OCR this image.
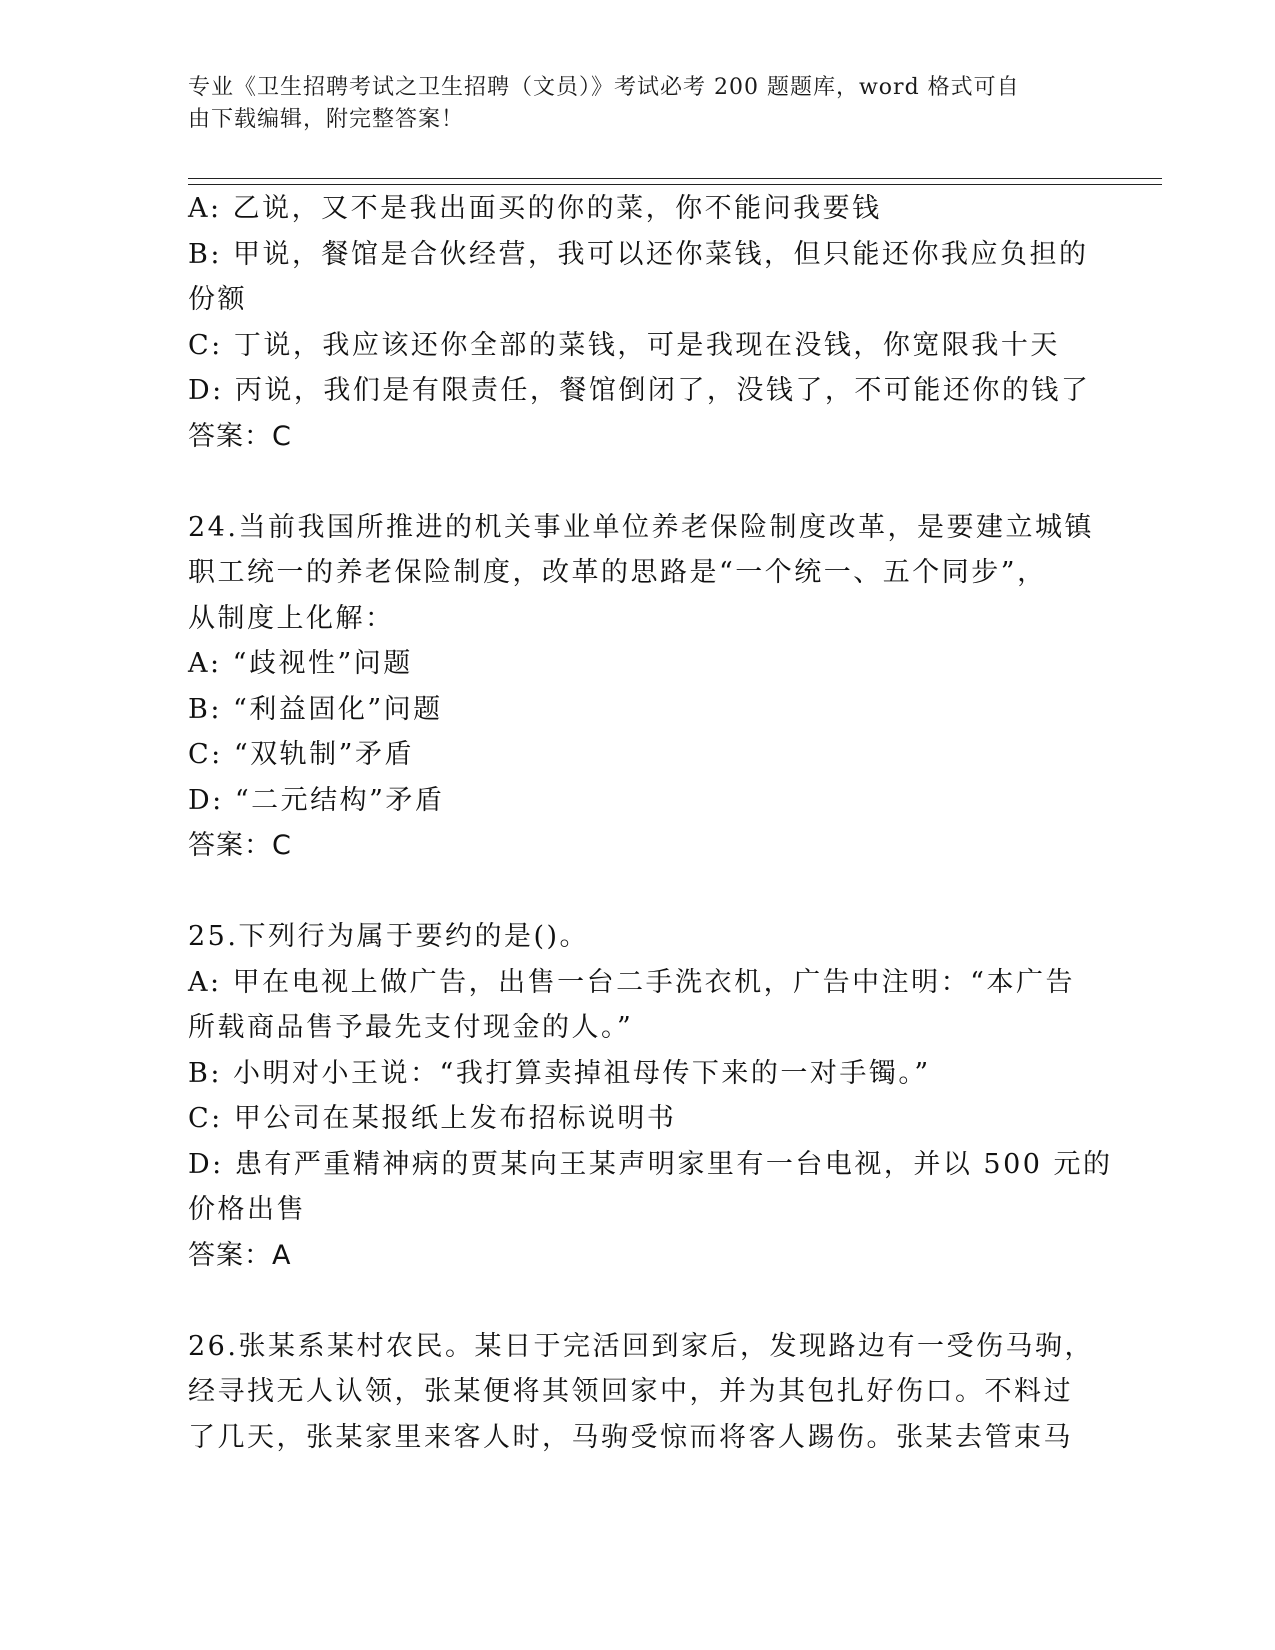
专业《卫生招聘考试之卫生招聘（文员）》考试必考 200 题题库，word 格式可自
由下载编辑，附完整答案！
A: 乙说，又不是我出面买的你的菜，你不能问我要钱
B: 甲说，餐馆是合伙经营，我可以还你菜钱，但只能还你我应负担的
份额
C: 丁说，我应该还你全部的菜钱，可是我现在没钱，你宽限我十天
D: 丙说，我们是有限责任，餐馆倒闭了，没钱了，不可能还你的钱了
答案：C
24.当前我国所推进的机关事业单位养老保险制度改革，是要建立城镇
职工统一的养老保险制度，改革的思路是“一个统一、五个同步”，
从制度上化解：
A: “歧视性”问题
B: “利益固化”问题
C: “双轨制”矛盾
D: “二元结构”矛盾
答案：C
25.下列行为属于要约的是()。
A: 甲在电视上做广告，出售一台二手洗衣机，广告中注明：“本广告
所载商品售予最先支付现金的人。”
B: 小明对小王说：“我打算卖掉祖母传下来的一对手镯。”
C: 甲公司在某报纸上发布招标说明书
D: 患有严重精神病的贾某向王某声明家里有一台电视，并以 500 元的
价格出售
答案：A
26.张某系某村农民。某日于完活回到家后，发现路边有一受伤马驹，
经寻找无人认领，张某便将其领回家中，并为其包扎好伤口。不料过
了几天，张某家里来客人时，马驹受惊而将客人踢伤。张某去管束马
